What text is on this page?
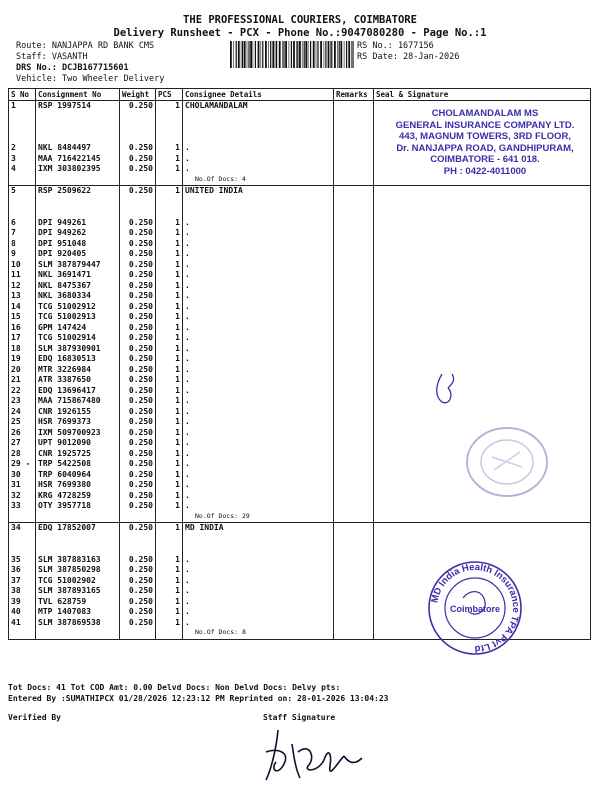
THE PROFESSIONAL COURIERS, COIMBATORE
Delivery Runsheet - PCX - Phone No.:9047080280 - Page No.:1
Route: NANJAPPA RD BANK CMS
Staff: VASANTH
DRS No.: DCJB167715601
Vehicle: Two Wheeler Delivery
RS No.: 1677156
RS Date: 28-Jan-2026
S No	Consignment No	Weight	PCS	Consignee Details	Remarks	Seal & Signature
1	RSP 1997514	0.250	1	CHOLAMANDALAM		

2	NKL 8484497	0.250	1	.		
3	MAA 716422145	0.250	1	.		
4	IXM 303802395	0.250	1	.		
				No.Of Docs: 4		
5	RSP 2509622	0.250	1	UNITED INDIA		

6	DPI 949261	0.250	1	.		
7	DPI 949262	0.250	1	.		
8	DPI 951048	0.250	1	.		
9	DPI 920405	0.250	1	.		
10	SLM 387879447	0.250	1	.		
11	NKL 3691471	0.250	1	.		
12	NKL 8475367	0.250	1	.		
13	NKL 3680334	0.250	1	.		
14	TCG 51002912	0.250	1	.		
15	TCG 51002913	0.250	1	.		
16	GPM 147424	0.250	1	.		
17	TCG 51002914	0.250	1	.		
18	SLM 387930901	0.250	1	.		
19	EDQ 16830513	0.250	1	.		
20	MTR 3226984	0.250	1	.		
21	ATR 3387650	0.250	1	.		
22	EDQ 13696417	0.250	1	.		
23	MAA 715867480	0.250	1	.		
24	CNR 1926155	0.250	1	.		
25	HSR 7699373	0.250	1	.		
26	IXM 509700923	0.250	1	.		
27	UPT 9012090	0.250	1	.		
28	CNR 1925725	0.250	1	.		
29 -	TRP 5422508	0.250	1	.		
30	TRP 6040964	0.250	1	.		
31	HSR 7699380	0.250	1	.		
32	KRG 4728259	0.250	1	.		
33	OTY 3957718	0.250	1	.		
				No.Of Docs: 29		
34	EDQ 17852007	0.250	1	MD INDIA		

35	SLM 387883163	0.250	1	.		
36	SLM 387850298	0.250	1	.		
37	TCG 51002902	0.250	1	.		
38	SLM 387893165	0.250	1	.		
39	TVL 628759	0.250	1	.		
40	MTP 1407083	0.250	1	.		
41	SLM 387869538	0.250	1	.		
				No.Of Docs: 8		

CHOLAMANDALAM MS
GENERAL INSURANCE COMPANY LTD.
443, MAGNUM TOWERS, 3RD FLOOR,
Dr. NANJAPPA ROAD, GANDHIPURAM,
COIMBATORE - 641 018.
PH : 0422-4011000
MD India Health Insurance TPA Pvt Ltd
Coimbatore
Tot Docs: 41 Tot COD Amt: 0.00 Delvd Docs: Non Delvd Docs: Delvy pts:
Entered By :SUMATHIPCX 01/28/2026 12:23:12 PM Reprinted on: 28-01-2026 13:04:23
Verified By	Staff Signature
